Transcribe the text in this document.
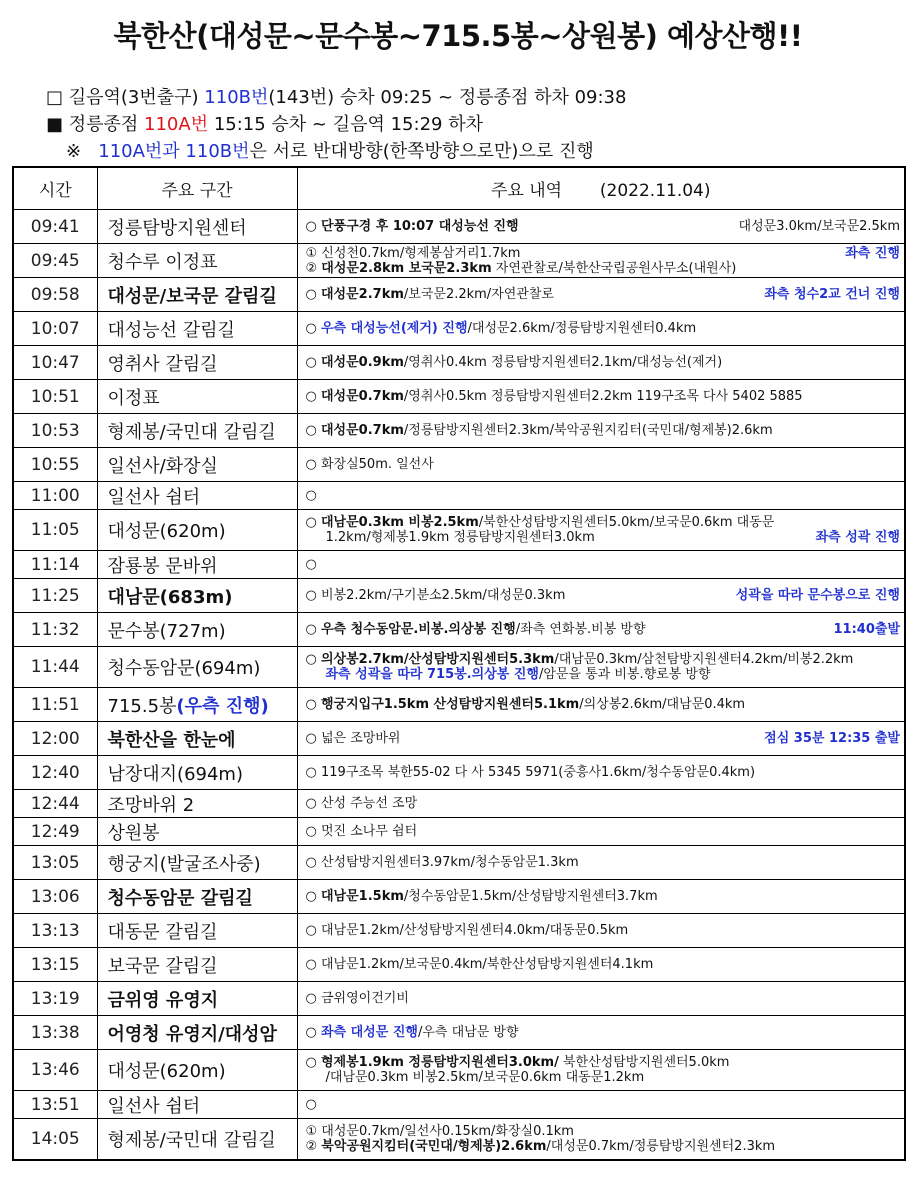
북한산(대성문~문수봉~715.5봉~상원봉) 예상산행!!
□ 길음역(3번출구) 110B번(143번) 승차 09:25 ~ 정릉종점 하차 09:38
■ 정릉종점 110A번 15:15 승차 ~ 길음역 15:29 하차
※ 110A번과 110B번은 서로 반대방향(한쪽방향으로만)으로 진행
시간	주요 구간	주요 내역 (2022.11.04)
09:41	정릉탐방지원센터	○ 단풍구경 후 10:07 대성능선 진행 대성문3.0km/보국문2.5km

09:45	청수루 이정표	① 신성천0.7km/형제봉삼거리1.7km 좌측 진행
② 대성문2.8km 보국문2.3km 자연관찰로/북한산국립공원사무소(내원사)

09:58	대성문/보국문 갈림길	○ 대성문2.7km/보국문2.2km/자연관찰로 좌측 청수2교 건너 진행

10:07	대성능선 갈림길	○ 우측 대성능선(제거) 진행/대성문2.6km/정릉탐방지원센터0.4km

10:47	영취사 갈림길	○ 대성문0.9km/영취사0.4km 정릉탐방지원센터2.1km/대성능선(제거)

10:51	이정표	○ 대성문0.7km/영취사0.5km 정릉탐방지원센터2.2km 119구조목 다사 5402 5885

10:53	형제봉/국민대 갈림길	○ 대성문0.7km/정릉탐방지원센터2.3km/북악공원지킴터(국민대/형제봉)2.6km

10:55	일선사/화장실	○ 화장실50m. 일선사

11:00	일선사 쉼터	○

11:05	대성문(620m)	○ 대남문0.3km 비봉2.5km/북한산성탐방지원센터5.0km/보국문0.6km 대동문
1.2km/형제봉1.9km 정릉탐방지원센터3.0km 좌측 성곽 진행

11:14	잠룡봉 문바위	○

11:25	대남문(683m)	○ 비봉2.2km/구기분소2.5km/대성문0.3km 성곽을 따라 문수봉으로 진행

11:32	문수봉(727m)	○ 우측 청수동암문.비봉.의상봉 진행/좌측 연화봉.비봉 방향 11:40출발

11:44	청수동암문(694m)	○ 의상봉2.7km/산성탐방지원센터5.3km/대남문0.3km/삼천탐방지원센터4.2km/비봉2.2km
좌측 성곽을 따라 715봉.의상봉 진행/암문을 통과 비봉.향로봉 방향

11:51	715.5봉(우측 진행)	○ 행궁지입구1.5km 산성탐방지원센터5.1km/의상봉2.6km/대남문0.4km

12:00	북한산을 한눈에	○ 넓은 조망바위 점심 35분 12:35 출발

12:40	남장대지(694m)	○ 119구조목 북한55-02 다 사 5345 5971(중흥사1.6km/청수동암문0.4km)

12:44	조망바위 2	○ 산성 주능선 조망

12:49	상원봉	○ 멋진 소나무 쉼터

13:05	행궁지(발굴조사중)	○ 산성탐방지원센터3.97km/청수동암문1.3km

13:06	청수동암문 갈림길	○ 대남문1.5km/청수동암문1.5km/산성탐방지원센터3.7km

13:13	대동문 갈림길	○ 대남문1.2km/산성탐방지원센터4.0km/대동문0.5km

13:15	보국문 갈림길	○ 대남문1.2km/보국문0.4km/북한산성탐방지원센터4.1km

13:19	금위영 유영지	○ 금위영이건기비

13:38	어영청 유영지/대성암	○ 좌측 대성문 진행/우측 대남문 방향

13:46	대성문(620m)	○ 형제봉1.9km 정릉탐방지원센터3.0km/ 북한산성탐방지원센터5.0km
/대남문0.3km 비봉2.5km/보국문0.6km 대동문1.2km

13:51	일선사 쉼터	○

14:05	형제봉/국민대 갈림길	① 대성문0.7km/일선사0.15km/화장실0.1km
② 북악공원지킴터(국민대/형제봉)2.6km/대성문0.7km/정릉탐방지원센터2.3km
